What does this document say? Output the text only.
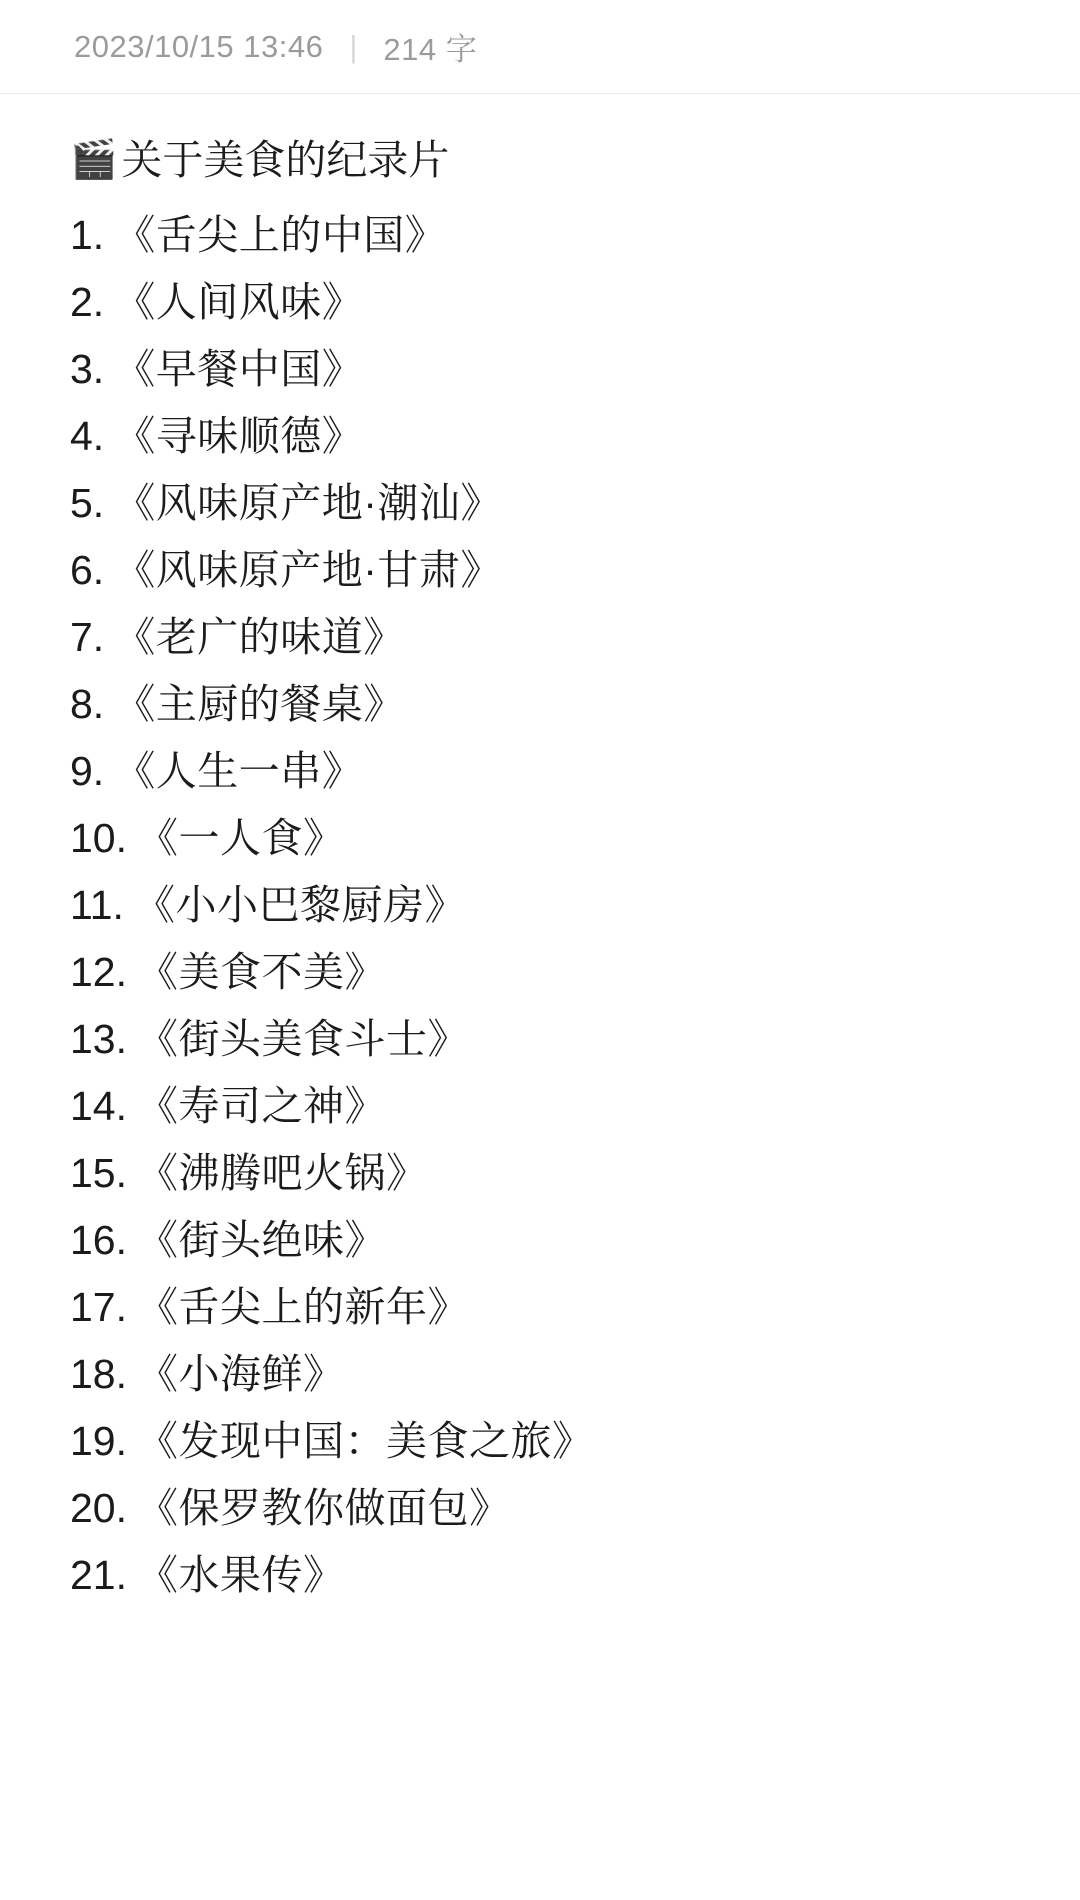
2023/10/15 13:46 | 214 字
🎬 关于美食的纪录片
1. 《舌尖上的中国》
2. 《人间风味》
3. 《早餐中国》
4. 《寻味顺德》
5. 《风味原产地·潮汕》
6. 《风味原产地·甘肃》
7. 《老广的味道》
8. 《主厨的餐桌》
9. 《人生一串》
10. 《一人食》
11. 《小小巴黎厨房》
12. 《美食不美》
13. 《街头美食斗士》
14. 《寿司之神》
15. 《沸腾吧火锅》
16. 《街头绝味》
17. 《舌尖上的新年》
18. 《小海鲜》
19. 《发现中国：美食之旅》
20. 《保罗教你做面包》
21. 《水果传》
